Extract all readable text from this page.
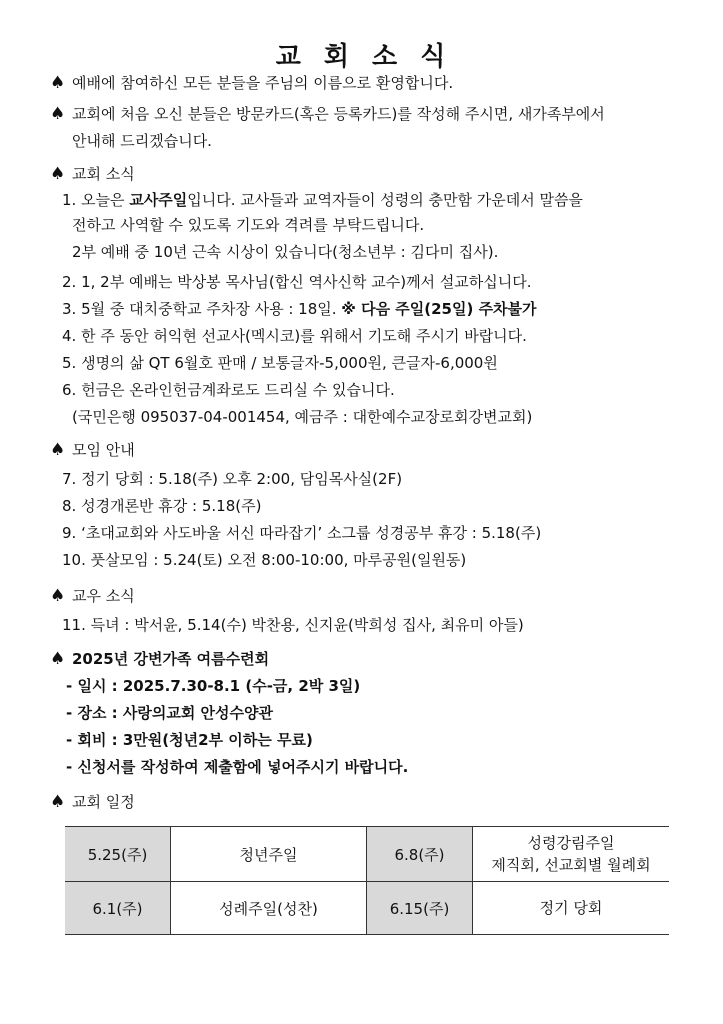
교 회 소 식
♠ 예배에 참여하신 모든 분들을 주님의 이름으로 환영합니다.
♠ 교회에 처음 오신 분들은 방문카드(혹은 등록카드)를 작성해 주시면, 새가족부에서
안내해 드리겠습니다.
♠ 교회 소식
1. 오늘은 교사주일입니다. 교사들과 교역자들이 성령의 충만함 가운데서 말씀을
전하고 사역할 수 있도록 기도와 격려를 부탁드립니다.
2부 예배 중 10년 근속 시상이 있습니다(청소년부 : 김다미 집사).
2. 1, 2부 예배는 박상봉 목사님(합신 역사신학 교수)께서 설교하십니다.
3. 5월 중 대치중학교 주차장 사용 : 18일. ※ 다음 주일(25일) 주차불가
4. 한 주 동안 허익현 선교사(멕시코)를 위해서 기도해 주시기 바랍니다.
5. 생명의 삶 QT 6월호 판매 / 보통글자-5,000원, 큰글자-6,000원
6. 헌금은 온라인헌금계좌로도 드리실 수 있습니다.
(국민은행 095037-04-001454, 예금주 : 대한예수교장로회강변교회)
♠ 모임 안내
7. 정기 당회 : 5.18(주) 오후 2:00, 담임목사실(2F)
8. 성경개론반 휴강 : 5.18(주)
9. ‘초대교회와 사도바울 서신 따라잡기’ 소그룹 성경공부 휴강 : 5.18(주)
10. 풋살모임 : 5.24(토) 오전 8:00-10:00, 마루공원(일원동)
♠ 교우 소식
11. 득녀 : 박서윤, 5.14(수) 박찬용, 신지윤(박희성 집사, 최유미 아들)
♠ 2025년 강변가족 여름수련회
- 일시 : 2025.7.30-8.1 (수-금, 2박 3일)
- 장소 : 사랑의교회 안성수양관
- 회비 : 3만원(청년2부 이하는 무료)
- 신청서를 작성하여 제출함에 넣어주시기 바랍니다.
♠ 교회 일정
5.25(주)	청년주일	6.8(주)	성령강림주일
제직회, 선교회별 월례회

6.1(주)	성례주일(성찬)	6.15(주)	정기 당회
